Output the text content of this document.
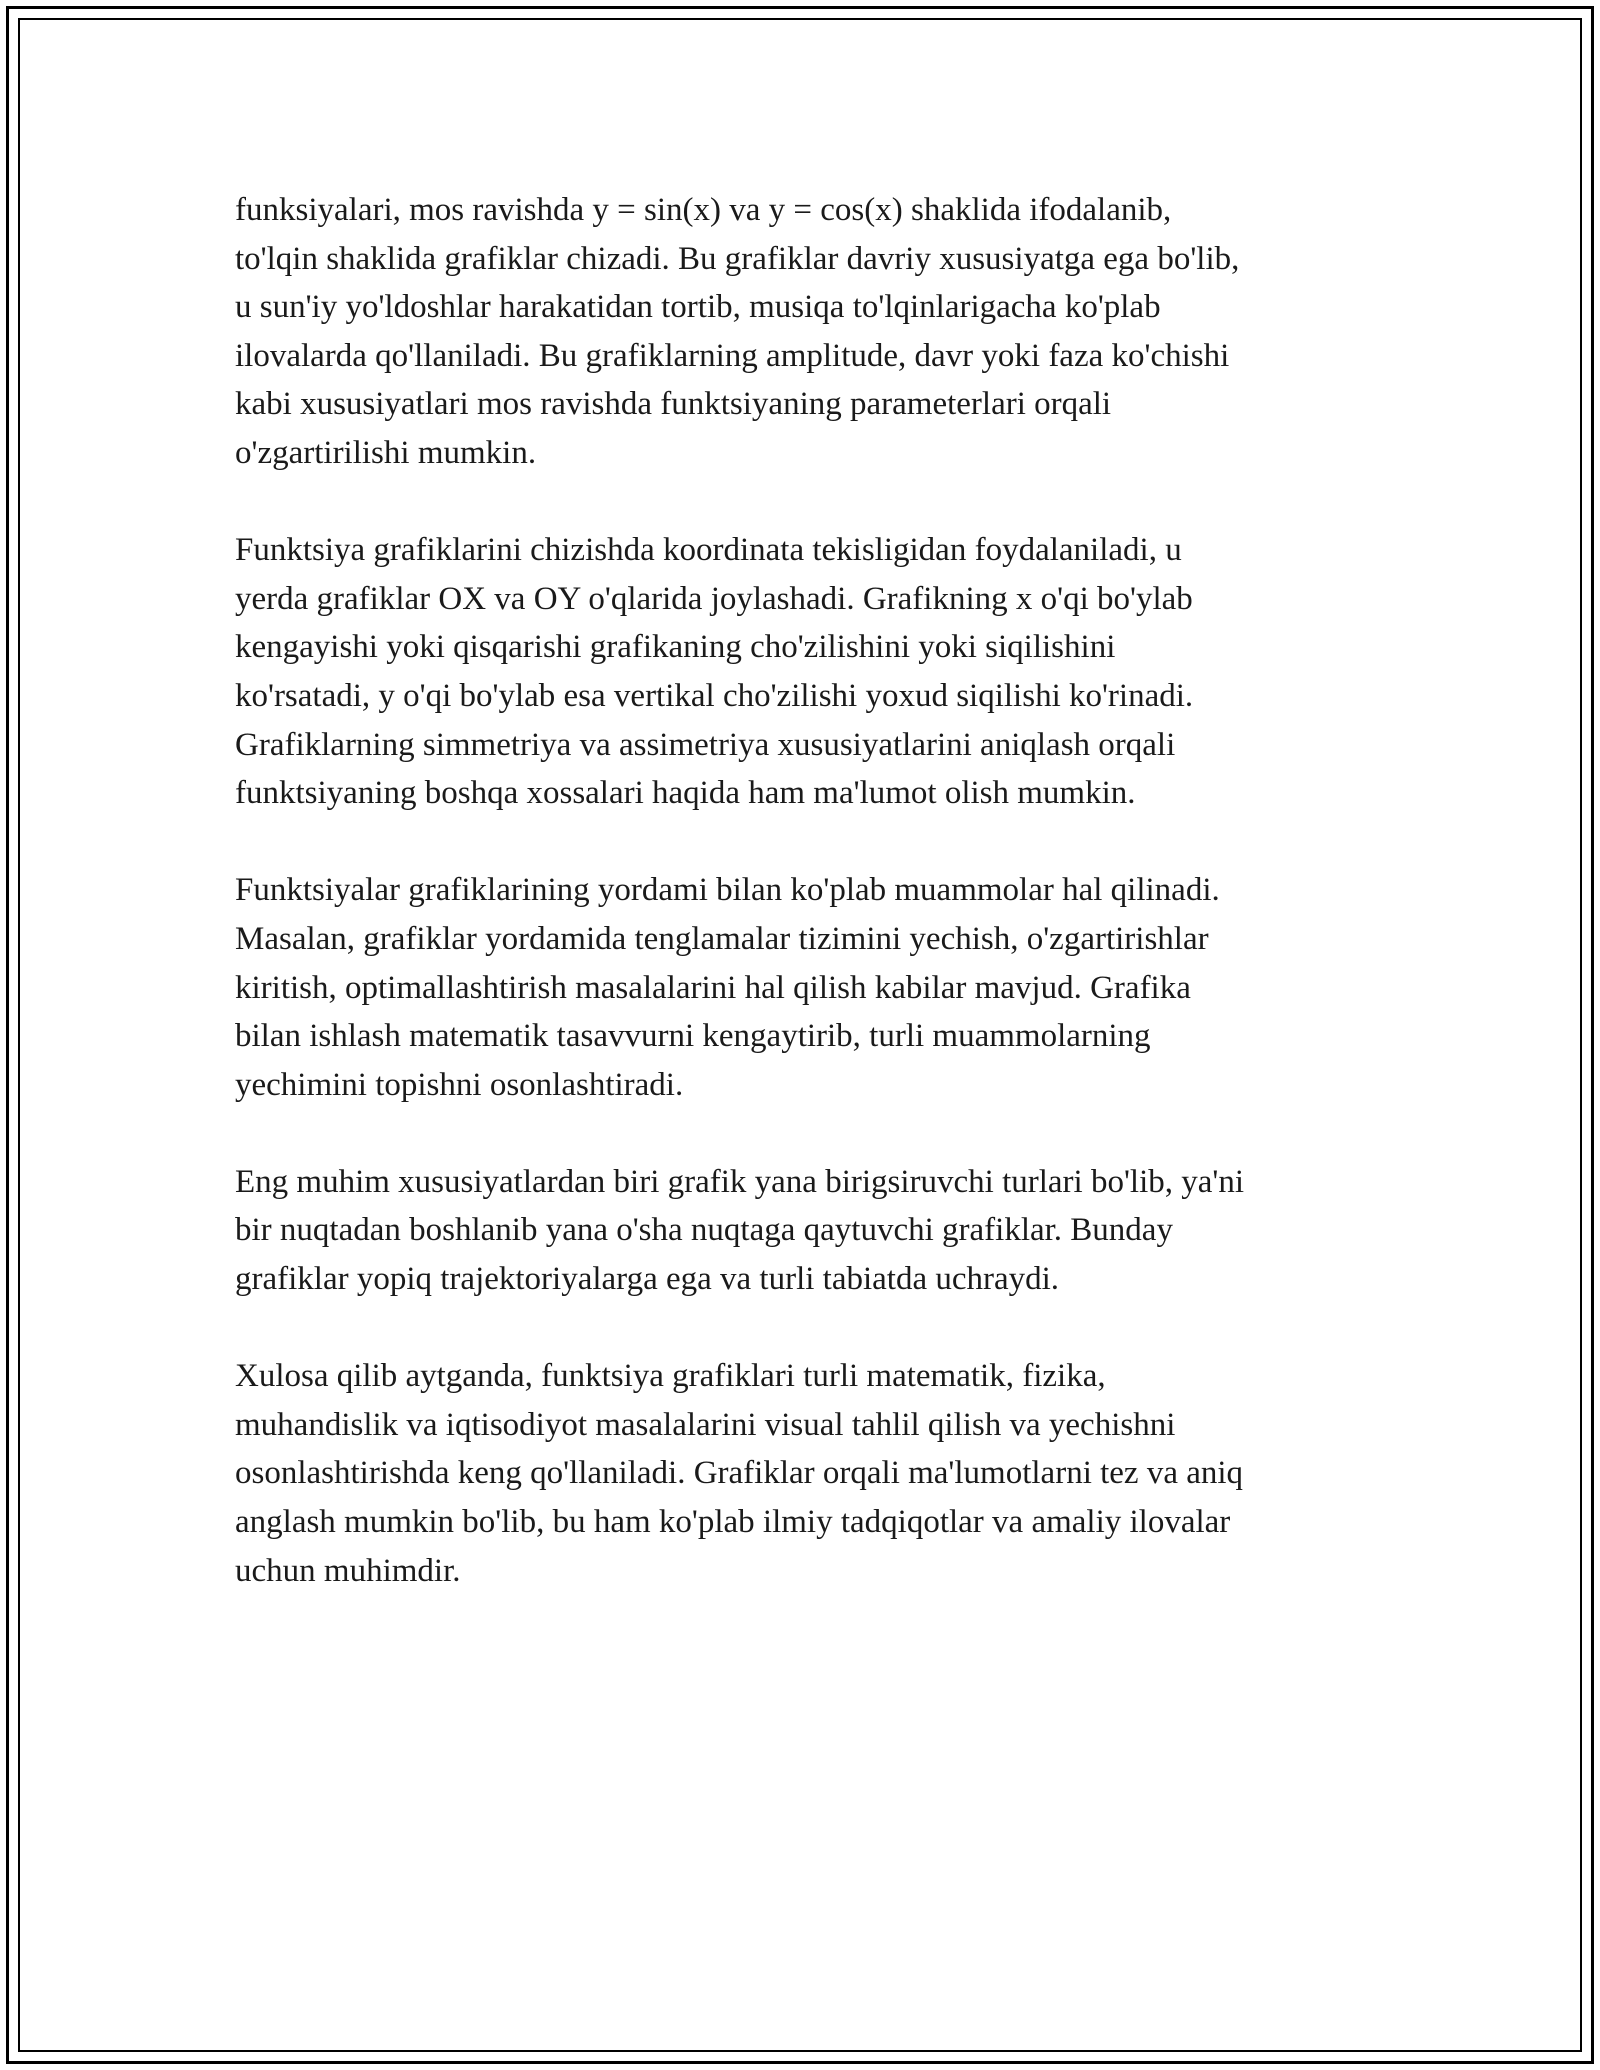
funksiyalari, mos ravishda y = sin(x) va y = cos(x) shaklida ifodalanib,
to'lqin shaklida grafiklar chizadi. Bu grafiklar davriy xususiyatga ega bo'lib,
u sun'iy yo'ldoshlar harakatidan tortib, musiqa to'lqinlarigacha ko'plab
ilovalarda qo'llaniladi. Bu grafiklarning amplitude, davr yoki faza ko'chishi
kabi xususiyatlari mos ravishda funktsiyaning parameterlari orqali
o'zgartirilishi mumkin.

Funktsiya grafiklarini chizishda koordinata tekisligidan foydalaniladi, u
yerda grafiklar OX va OY o'qlarida joylashadi. Grafikning x o'qi bo'ylab
kengayishi yoki qisqarishi grafikaning cho'zilishini yoki siqilishini
ko'rsatadi, y o'qi bo'ylab esa vertikal cho'zilishi yoxud siqilishi ko'rinadi.
Grafiklarning simmetriya va assimetriya xususiyatlarini aniqlash orqali
funktsiyaning boshqa xossalari haqida ham ma'lumot olish mumkin.

Funktsiyalar grafiklarining yordami bilan ko'plab muammolar hal qilinadi.
Masalan, grafiklar yordamida tenglamalar tizimini yechish, o'zgartirishlar
kiritish, optimallashtirish masalalarini hal qilish kabilar mavjud. Grafika
bilan ishlash matematik tasavvurni kengaytirib, turli muammolarning
yechimini topishni osonlashtiradi.

Eng muhim xususiyatlardan biri grafik yana birigsiruvchi turlari bo'lib, ya'ni
bir nuqtadan boshlanib yana o'sha nuqtaga qaytuvchi grafiklar. Bunday
grafiklar yopiq trajektoriyalarga ega va turli tabiatda uchraydi.

Xulosa qilib aytganda, funktsiya grafiklari turli matematik, fizika,
muhandislik va iqtisodiyot masalalarini visual tahlil qilish va yechishni
osonlashtirishda keng qo'llaniladi. Grafiklar orqali ma'lumotlarni tez va aniq
anglash mumkin bo'lib, bu ham ko'plab ilmiy tadqiqotlar va amaliy ilovalar
uchun muhimdir.
